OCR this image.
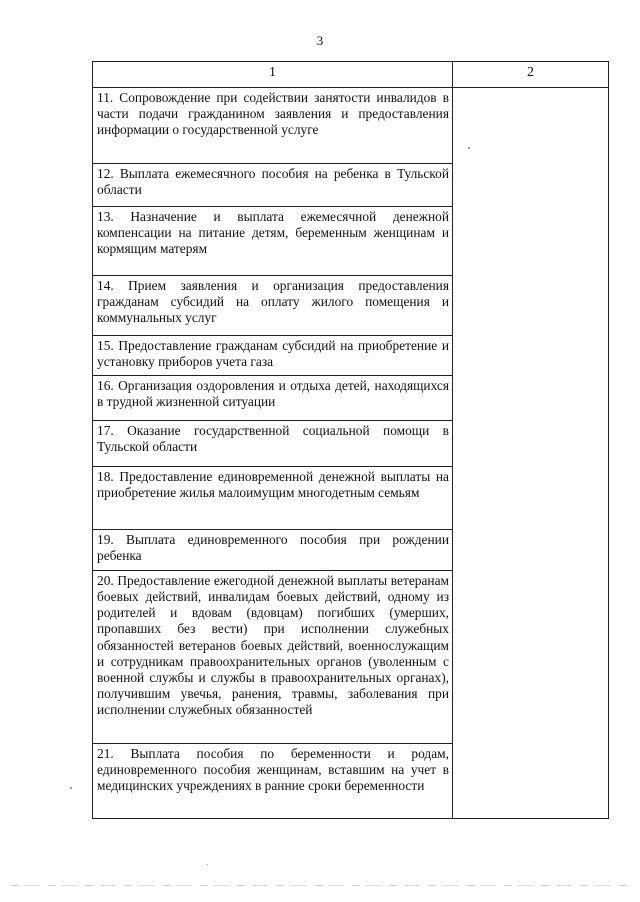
3
1	2
11. Сопровождение при содействии занятости инвалидов в части подачи гражданином заявления и предоставления информации о государственной услуге	
12. Выплата ежемесячного пособия на ребенка в Тульской области	
13. Назначение и выплата ежемесячной денежной компенсации на питание детям, беременным женщинам и кормящим матерям	
14. Прием заявления и организация предоставления гражданам субсидий на оплату жилого помещения и коммунальных услуг	
15. Предоставление гражданам субсидий на приобретение и установку приборов учета газа	
16. Организация оздоровления и отдыха детей, находящихся в трудной жизненной ситуации	
17. Оказание государственной социальной помощи в Тульской области	
18. Предоставление единовременной денежной выплаты на приобретение жилья малоимущим многодетным семьям	
19. Выплата единовременного пособия при рождении ребенка	
20. Предоставление ежегодной денежной выплаты ветеранам боевых действий, инвалидам боевых действий, одному из родителей и вдовам (вдовцам) погибших (умерших, пропавших без вести) при исполнении служебных обязанностей ветеранов боевых действий, военнослужащим и сотрудникам правоохранительных органов (уволенным с военной службы и службы в правоохранительных органах), получившим увечья, ранения, травмы, заболевания при исполнении служебных обязанностей	
21. Выплата пособия по беременности и родам, единовременного пособия женщинам, вставшим на учет в медицинских учреждениях в ранние сроки беременности	
